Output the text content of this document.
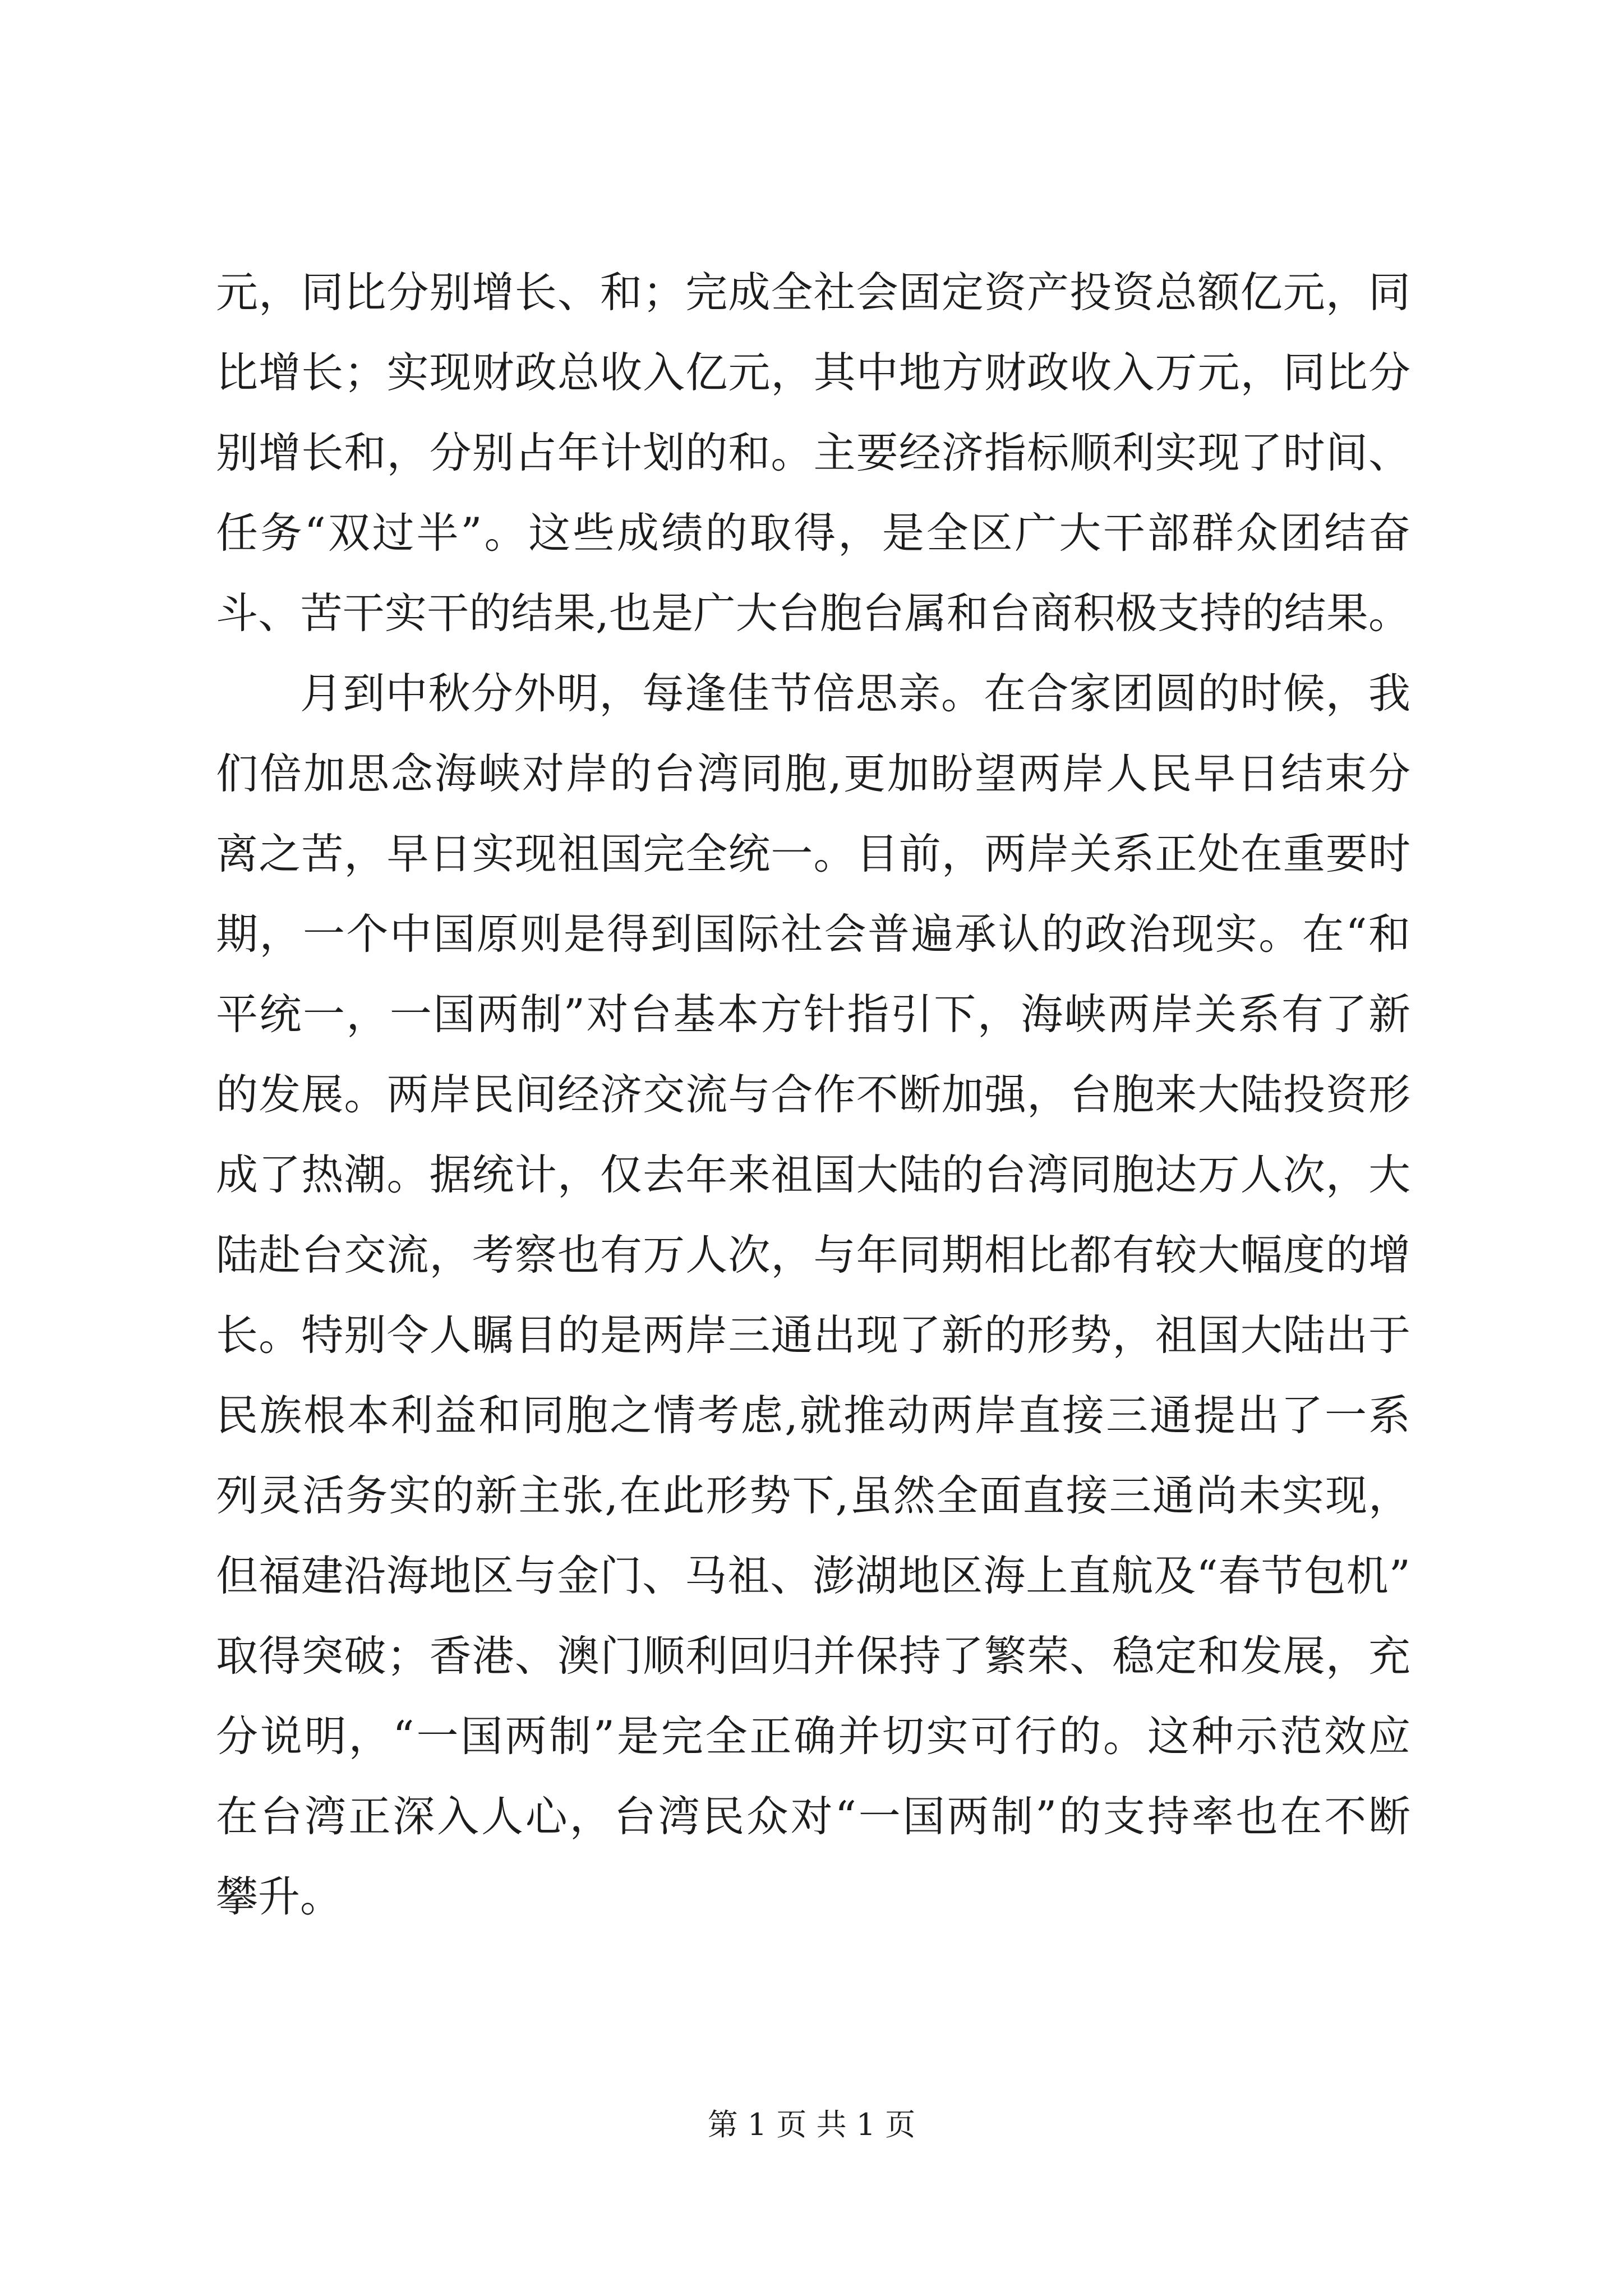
元，同比分别增长、和；完成全社会固定资产投资总额亿元，同
比增长；实现财政总收入亿元，其中地方财政收入万元，同比分
别增长和，分别占年计划的和。主要经济指标顺利实现了时间、
任务“双过半”。这些成绩的取得，是全区广大干部群众团结奋
斗、苦干实干的结果,也是广大台胞台属和台商积极支持的结果。
月到中秋分外明，每逢佳节倍思亲。在合家团圆的时候，我
们倍加思念海峡对岸的台湾同胞,更加盼望两岸人民早日结束分
离之苦，早日实现祖国完全统一。目前，两岸关系正处在重要时
期，一个中国原则是得到国际社会普遍承认的政治现实。在“和
平统一，一国两制”对台基本方针指引下，海峡两岸关系有了新
的发展。两岸民间经济交流与合作不断加强，台胞来大陆投资形
成了热潮。据统计，仅去年来祖国大陆的台湾同胞达万人次，大
陆赴台交流，考察也有万人次，与年同期相比都有较大幅度的增
长。特别令人瞩目的是两岸三通出现了新的形势，祖国大陆出于
民族根本利益和同胞之情考虑,就推动两岸直接三通提出了一系
列灵活务实的新主张,在此形势下,虽然全面直接三通尚未实现，
但福建沿海地区与金门、马祖、澎湖地区海上直航及“春节包机”
取得突破；香港、澳门顺利回归并保持了繁荣、稳定和发展，充
分说明，“一国两制”是完全正确并切实可行的。这种示范效应
在台湾正深入人心，台湾民众对“一国两制”的支持率也在不断
攀升。
第 1 页 共 1 页
